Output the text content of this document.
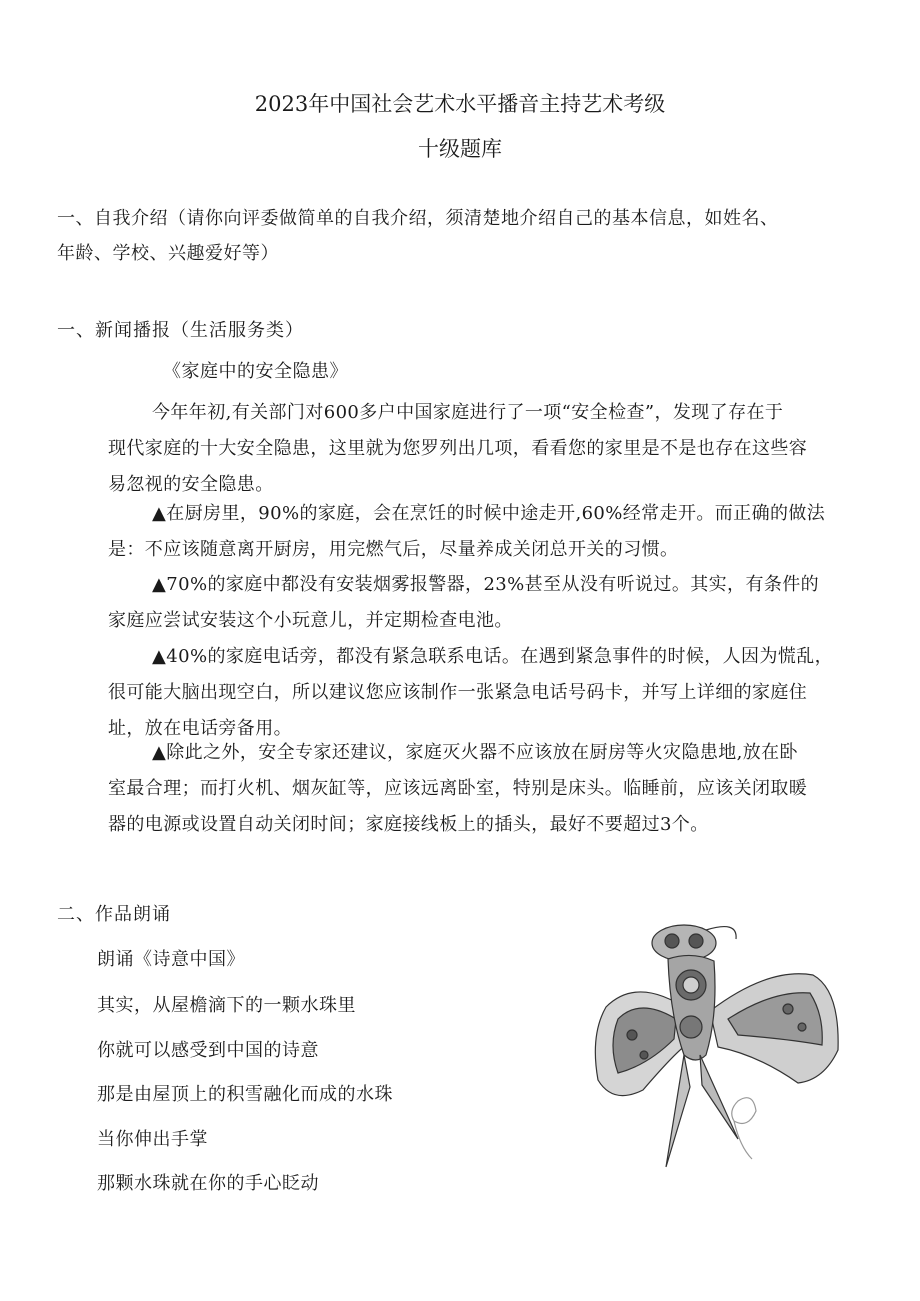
2023年中国社会艺术水平播音主持艺术考级
十级题库
一、自我介绍（请你向评委做简单的自我介绍，须清楚地介绍自己的基本信息，如姓名、
年龄、学校、兴趣爱好等）
一、新闻播报（生活服务类）
《家庭中的安全隐患》
今年年初,有关部门对600多户中国家庭进行了一项“安全检查”，发现了存在于
现代家庭的十大安全隐患，这里就为您罗列出几项，看看您的家里是不是也存在这些容
易忽视的安全隐患。
▲在厨房里，90%的家庭，会在烹饪的时候中途走开,60%经常走开。而正确的做法
是：不应该随意离开厨房，用完燃气后，尽量养成关闭总开关的习惯。
▲70%的家庭中都没有安装烟雾报警器，23%甚至从没有听说过。其实，有条件的
家庭应尝试安装这个小玩意儿，并定期检查电池。
▲40%的家庭电话旁，都没有紧急联系电话。在遇到紧急事件的时候，人因为慌乱，
很可能大脑出现空白，所以建议您应该制作一张紧急电话号码卡，并写上详细的家庭住
址，放在电话旁备用。
▲除此之外，安全专家还建议，家庭灭火器不应该放在厨房等火灾隐患地,放在卧
室最合理；而打火机、烟灰缸等，应该远离卧室，特别是床头。临睡前，应该关闭取暖
器的电源或设置自动关闭时间；家庭接线板上的插头，最好不要超过3个。
二、作品朗诵
朗诵《诗意中国》
其实，从屋檐滴下的一颗水珠里
你就可以感受到中国的诗意
那是由屋顶上的积雪融化而成的水珠
当你伸出手掌
那颗水珠就在你的手心眨动
